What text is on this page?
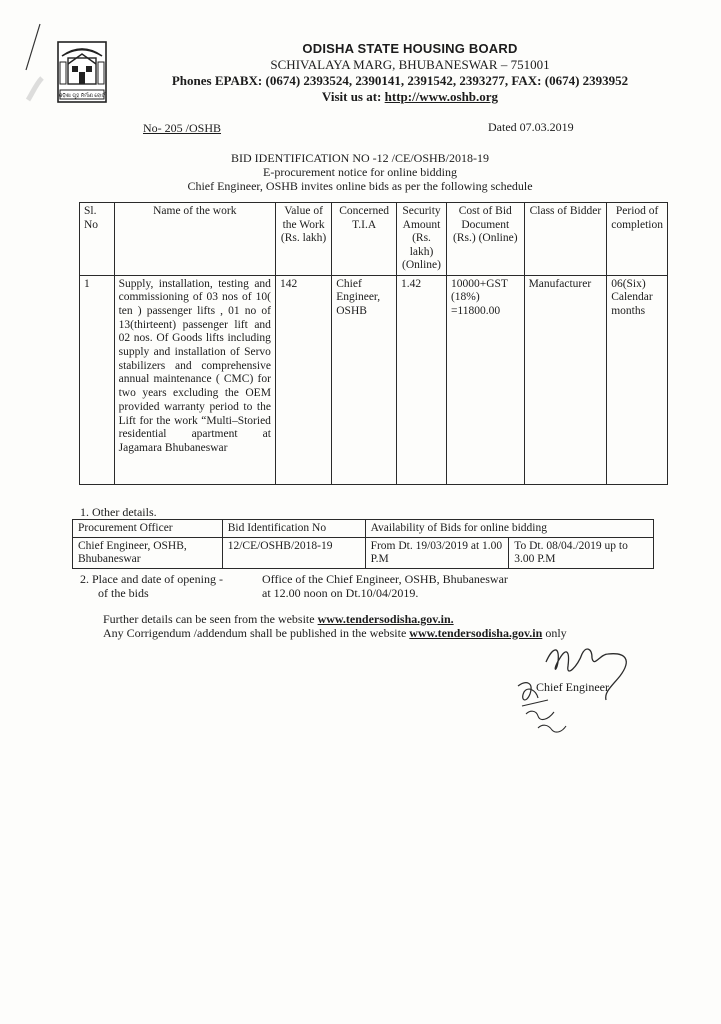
ଓଡ଼ିଶା ଗୃହ ନିର୍ମାଣ ବୋର୍ଡ
ODISHA STATE HOUSING BOARD
SCHIVALAYA MARG, BHUBANESWAR – 751001
Phones EPABX: (0674) 2393524, 2390141, 2391542, 2393277, FAX: (0674) 2393952
Visit us at: http://www.oshb.org
No- 205 /OSHB	Dated 07.03.2019
BID IDENTIFICATION NO -12 /CE/OSHB/2018-19
E-procurement notice for online bidding
Chief Engineer, OSHB invites online bids as per the following schedule
Sl. No	Name of the work	Value of the Work (Rs. lakh)	Concerned T.I.A	Security Amount (Rs. lakh) (Online)	Cost of Bid Document (Rs.) (Online)	Class of Bidder	Period of completion
1	Supply, installation, testing and commissioning of 03 nos of 10( ten ) passenger lifts , 01 no of 13(thirteent) passenger lift and 02 nos. Of Goods lifts including supply and installation of Servo stabilizers and comprehensive annual maintenance ( CMC) for two years excluding the OEM provided warranty period to the Lift for the work “Multi–Storied residential apartment at Jagamara Bhubaneswar	142	Chief Engineer, OSHB	1.42	10000+GST (18%) =11800.00	Manufacturer	06(Six) Calendar months
1. Other details.
Procurement Officer	Bid Identification No	Availability of Bids for online bidding	
Chief Engineer, OSHB, Bhubaneswar	12/CE/OSHB/2018-19	From Dt. 19/03/2019 at 1.00 P.M	To Dt. 08/04./2019 up to 3.00 P.M
2. Place and date of opening -
of the bids
Office of the Chief Engineer, OSHB, Bhubaneswar
at 12.00 noon on Dt.10/04/2019.
Further details can be seen from the website www.tendersodisha.gov.in.
Any Corrigendum /addendum shall be published in the website www.tendersodisha.gov.in only
Chief Engineer
